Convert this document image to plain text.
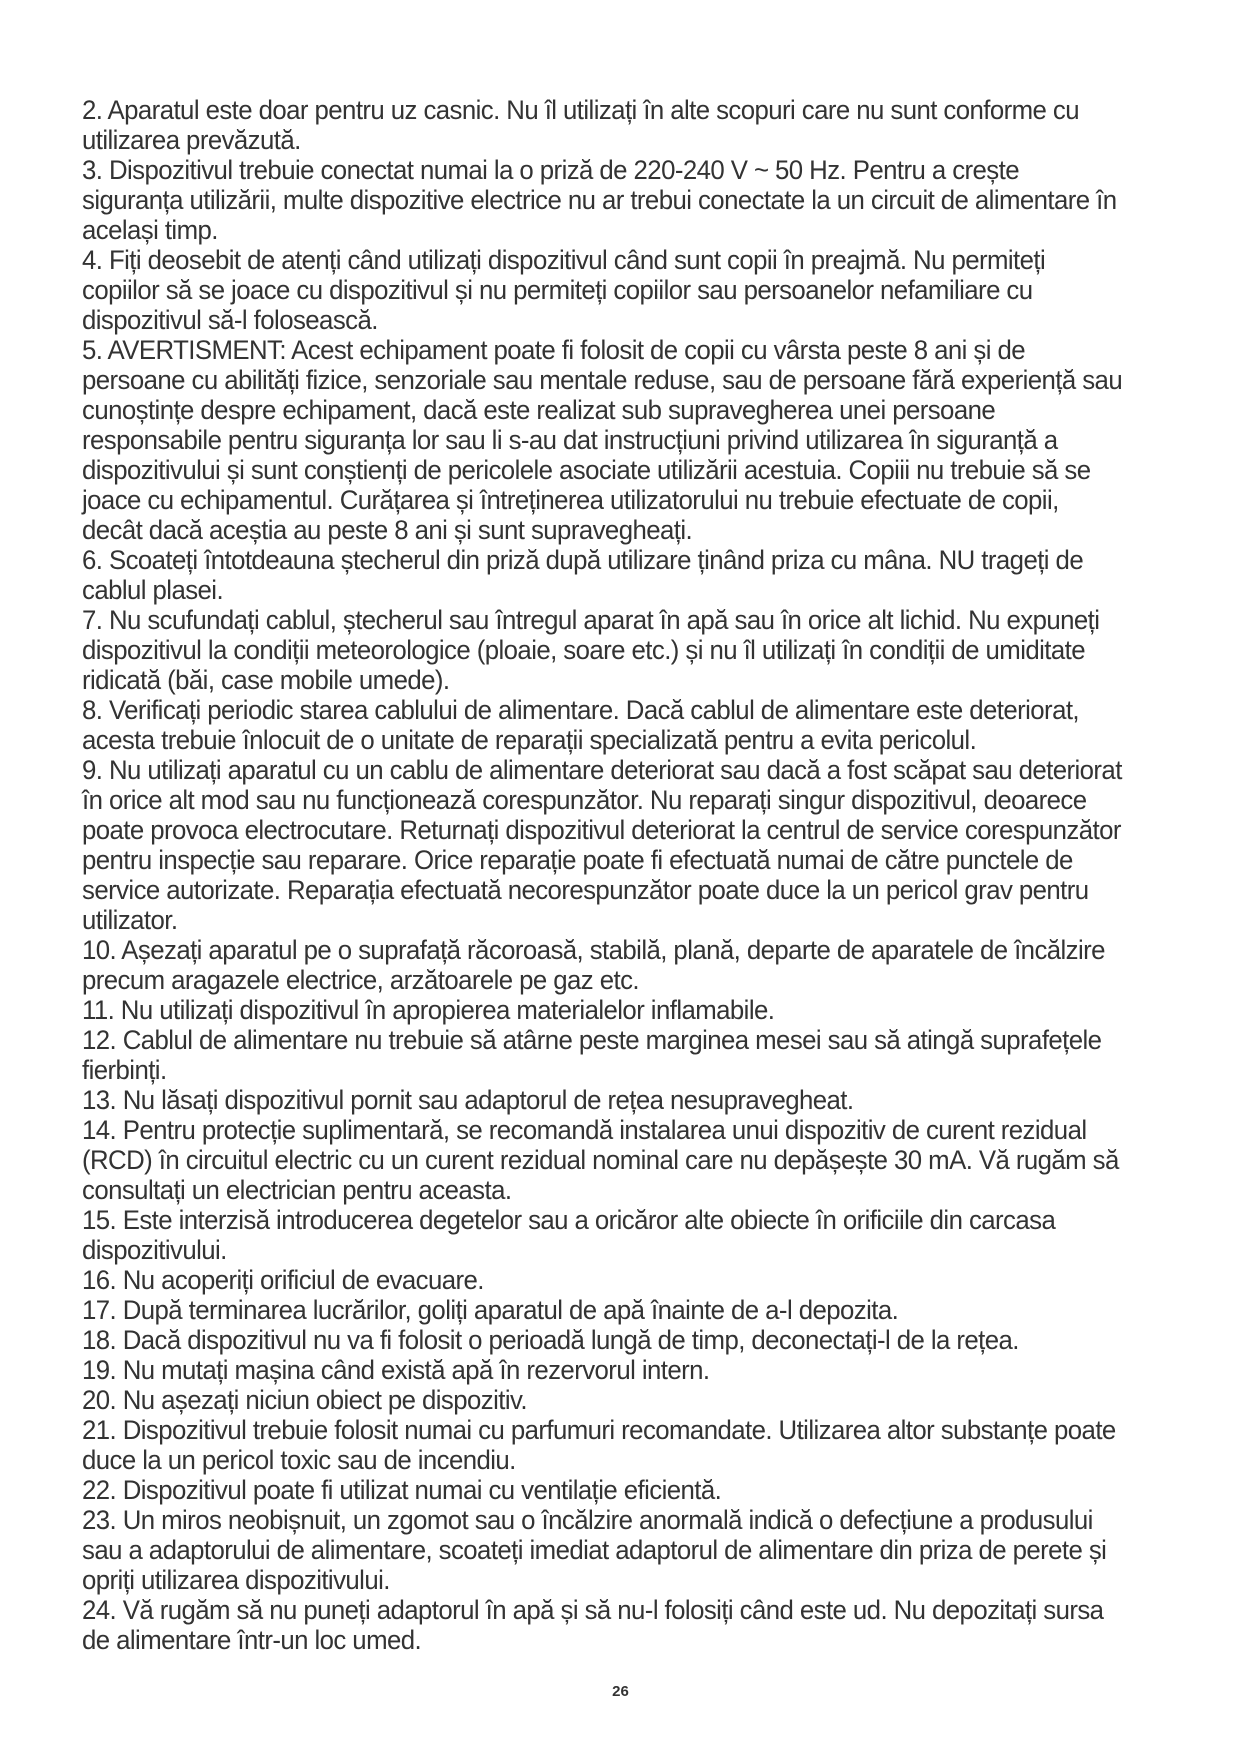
2. Aparatul este doar pentru uz casnic. Nu îl utilizați în alte scopuri care nu sunt conforme cu utilizarea prevăzută.

3. Dispozitivul trebuie conectat numai la o priză de 220-240 V ~ 50 Hz. Pentru a crește siguranța utilizării, multe dispozitive electrice nu ar trebui conectate la un circuit de alimentare în același timp.

4. Fiți deosebit de atenți când utilizați dispozitivul când sunt copii în preajmă. Nu permiteți copiilor să se joace cu dispozitivul și nu permiteți copiilor sau persoanelor nefamiliare cu dispozitivul să-l folosească.

5. AVERTISMENT: Acest echipament poate fi folosit de copii cu vârsta peste 8 ani și de persoane cu abilități fizice, senzoriale sau mentale reduse, sau de persoane fără experiență sau cunoștințe despre echipament, dacă este realizat sub supravegherea unei persoane responsabile pentru siguranța lor sau li s-au dat instrucțiuni privind utilizarea în siguranță a dispozitivului și sunt conștienți de pericolele asociate utilizării acestuia. Copiii nu trebuie să se joace cu echipamentul. Curățarea și întreținerea utilizatorului nu trebuie efectuate de copii, decât dacă aceștia au peste 8 ani și sunt supravegheați.

6. Scoateți întotdeauna ștecherul din priză după utilizare ținând priza cu mâna. NU trageți de cablul plasei.

7. Nu scufundați cablul, ștecherul sau întregul aparat în apă sau în orice alt lichid. Nu expuneți dispozitivul la condiții meteorologice (ploaie, soare etc.) și nu îl utilizați în condiții de umiditate ridicată (băi, case mobile umede).

8. Verificați periodic starea cablului de alimentare. Dacă cablul de alimentare este deteriorat, acesta trebuie înlocuit de o unitate de reparații specializată pentru a evita pericolul.

9. Nu utilizați aparatul cu un cablu de alimentare deteriorat sau dacă a fost scăpat sau deteriorat în orice alt mod sau nu funcționează corespunzător. Nu reparați singur dispozitivul, deoarece poate provoca electrocutare. Returnați dispozitivul deteriorat la centrul de service corespunzător pentru inspecție sau reparare. Orice reparație poate fi efectuată numai de către punctele de service autorizate. Reparația efectuată necorespunzător poate duce la un pericol grav pentru utilizator.

10. Așezați aparatul pe o suprafață răcoroasă, stabilă, plană, departe de aparatele de încălzire precum aragazele electrice, arzătoarele pe gaz etc.

11. Nu utilizați dispozitivul în apropierea materialelor inflamabile.

12. Cablul de alimentare nu trebuie să atârne peste marginea mesei sau să atingă suprafețele fierbinți.

13. Nu lăsați dispozitivul pornit sau adaptorul de rețea nesupravegheat.

14. Pentru protecție suplimentară, se recomandă instalarea unui dispozitiv de curent rezidual (RCD) în circuitul electric cu un curent rezidual nominal care nu depășește 30 mA. Vă rugăm să consultați un electrician pentru aceasta.

15. Este interzisă introducerea degetelor sau a oricăror alte obiecte în orificiile din carcasa dispozitivului.

16. Nu acoperiți orificiul de evacuare.

17. După terminarea lucrărilor, goliți aparatul de apă înainte de a-l depozita.

18. Dacă dispozitivul nu va fi folosit o perioadă lungă de timp, deconectați-l de la rețea.

19. Nu mutați mașina când există apă în rezervorul intern.

20. Nu așezați niciun obiect pe dispozitiv.

21. Dispozitivul trebuie folosit numai cu parfumuri recomandate. Utilizarea altor substanțe poate duce la un pericol toxic sau de incendiu.

22. Dispozitivul poate fi utilizat numai cu ventilație eficientă.

23. Un miros neobișnuit, un zgomot sau o încălzire anormală indică o defecțiune a produsului sau a adaptorului de alimentare, scoateți imediat adaptorul de alimentare din priza de perete și opriți utilizarea dispozitivului.

24. Vă rugăm să nu puneți adaptorul în apă și să nu-l folosiți când este ud. Nu depozitați sursa de alimentare într-un loc umed.

26
